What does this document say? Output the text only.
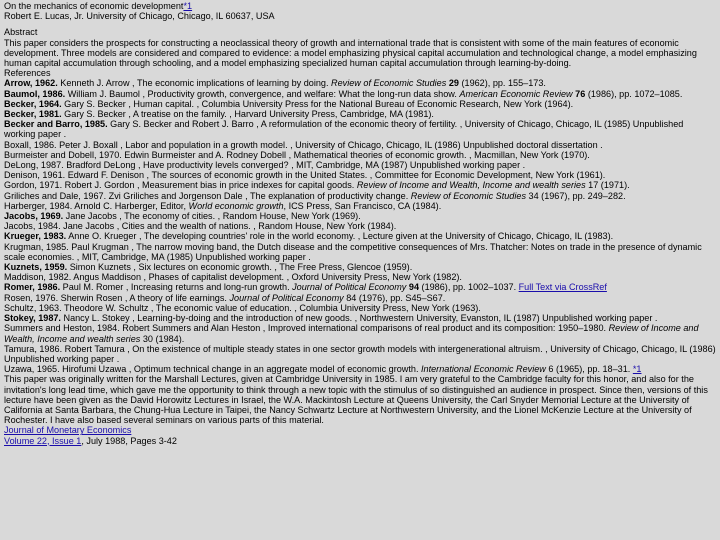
On the mechanics of economic development*1
Robert E. Lucas, Jr. University of Chicago, Chicago, IL 60637, USA
Abstract

This paper considers the prospects for constructing a neoclassical theory of growth and international trade that is consistent with some of the main features of economic development. Three models are considered and compared to evidence: a model emphasizing physical capital accumulation and technological change, a model emphasizing human capital accumulation through schooling, and a model emphasizing specialized human capital accumulation through learning-by-doing.

References

Arrow, 1962. Kenneth J. Arrow , The economic implications of learning by doing. Review of Economic Studies 29 (1962), pp. 155–173.

Baumol, 1986. William J. Baumol , Productivity growth, convergence, and welfare: What the long-run data show. American Economic Review 76 (1986), pp. 1072–1085.

Becker, 1964. Gary S. Becker , Human capital. , Columbia University Press for the National Bureau of Economic Research, New York (1964).

Becker, 1981. Gary S. Becker , A treatise on the family. , Harvard University Press, Cambridge, MA (1981).

Becker and Barro, 1985. Gary S. Becker and Robert J. Barro , A reformulation of the economic theory of fertility. , University of Chicago, Chicago, IL (1985) Unpublished working paper .

Boxall, 1986. Peter J. Boxall , Labor and population in a growth model. , University of Chicago, Chicago, IL (1986) Unpublished doctoral dissertation .

Burmeister and Dobell, 1970. Edwin Burmeister and A. Rodney Dobell , Mathematical theories of economic growth. , Macmillan, New York (1970).

DeLong, 1987. Bradford DeLong , Have productivity levels converged? , MIT, Cambridge, MA (1987) Unpublished working paper .

Denison, 1961. Edward F. Denison , The sources of economic growth in the United States. , Committee for Economic Development, New York (1961).

Gordon, 1971. Robert J. Gordon , Measurement bias in price indexes for capital goods. Review of Income and Wealth, Income and wealth series 17 (1971).

Griliches and Dale, 1967. Zvi Griliches and Jorgenson Dale , The explanation of productivity change. Review of Economic Studies 34 (1967), pp. 249–282.

Harberger, 1984. Arnold C. Harberger, Editor, World economic growth, ICS Press, San Francisco, CA (1984).

Jacobs, 1969. Jane Jacobs , The economy of cities. , Random House, New York (1969).

Jacobs, 1984. Jane Jacobs , Cities and the wealth of nations. , Random House, New York (1984).

Krueger, 1983. Anne O. Krueger , The developing countries' role in the world economy. , Lecture given at the University of Chicago, Chicago, IL (1983).

Krugman, 1985. Paul Krugman , The narrow moving band, the Dutch disease and the competitive consequences of Mrs. Thatcher: Notes on trade in the presence of dynamic scale economies. , MIT, Cambridge, MA (1985) Unpublished working paper .

Kuznets, 1959. Simon Kuznets , Six lectures on economic growth. , The Free Press, Glencoe (1959).

Maddison, 1982. Angus Maddison , Phases of capitalist development. , Oxford University Press, New York (1982).

Romer, 1986. Paul M. Romer , Increasing returns and long-run growth. Journal of Political Economy 94 (1986), pp. 1002–1037. Full Text via CrossRef

Rosen, 1976. Sherwin Rosen , A theory of life earnings. Journal of Political Economy 84 (1976), pp. S45–S67.

Schultz, 1963. Theodore W. Schultz , The economic value of education. , Columbia University Press, New York (1963).

Stokey, 1987. Nancy L. Stokey , Learning-by-doing and the introduction of new goods. , Northwestern University, Evanston, IL (1987) Unpublished working paper .

Summers and Heston, 1984. Robert Summers and Alan Heston , Improved international comparisons of real product and its composition: 1950–1980. Review of Income and Wealth, Income and wealth series 30 (1984).

Tamura, 1986. Robert Tamura , On the existence of multiple steady states in one sector growth models with intergenerational altruism. , University of Chicago, Chicago, IL (1986) Unpublished working paper .

Uzawa, 1965. Hirofumi Uzawa , Optimum technical change in an aggregate model of economic growth. International Economic Review 6 (1965), pp. 18–31. *1

This paper was originally written for the Marshall Lectures, given at Cambridge University in 1985. I am very grateful to the Cambridge faculty for this honor, and also for the invitation's long lead time, which gave me the opportunity to think through a new topic with the stimulus of so distinguished an audience in prospect. Since then, versions of this lecture have been given as the David Horowitz Lectures in Israel, the W.A. Mackintosh Lecture at Queens University, the Carl Snyder Memorial Lecture at the University of California at Santa Barbara, the Chung-Hua Lecture in Taipei, the Nancy Schwartz Lecture at Northwestern University, and the Lionel McKenzie Lecture at the University of Rochester. I have also based several seminars on various parts of this material.

Journal of Monetary Economics
Volume 22, Issue 1, July 1988, Pages 3-42
